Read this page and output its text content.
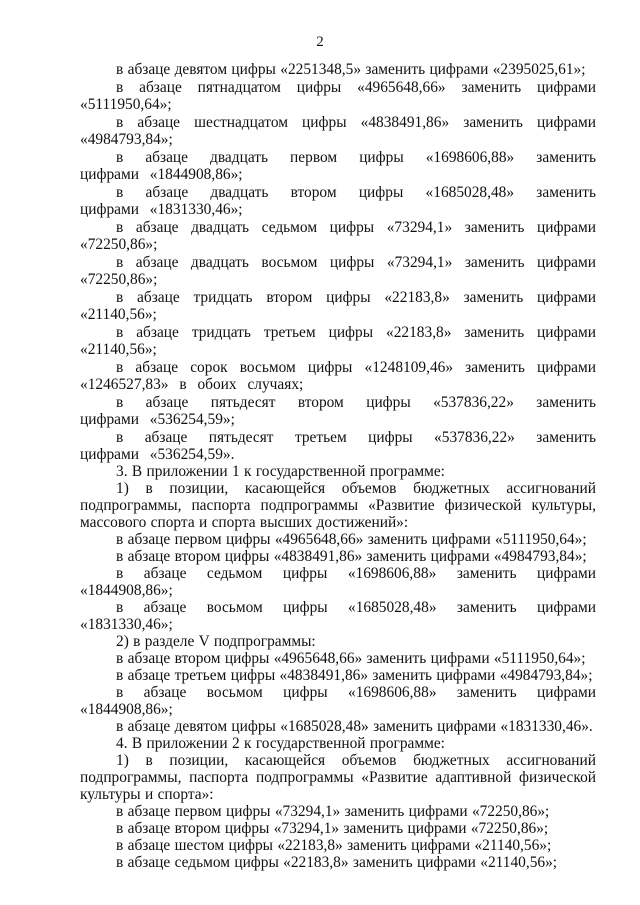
2

в абзаце девятом цифры «2251348,5» заменить цифрами «2395025,61»;

в абзаце пятнадцатом цифры «4965648,66» заменить цифрами «5111950,64»;

в абзаце шестнадцатом цифры «4838491,86» заменить цифрами «4984793,84»;

в абзаце двадцать первом цифры «1698606,88» заменить цифрами «1844908,86»;

в абзаце двадцать втором цифры «1685028,48» заменить цифрами «1831330,46»;

в абзаце двадцать седьмом цифры «73294,1» заменить цифрами «72250,86»;

в абзаце двадцать восьмом цифры «73294,1» заменить цифрами «72250,86»;

в абзаце тридцать втором цифры «22183,8» заменить цифрами «21140,56»;

в абзаце тридцать третьем цифры «22183,8» заменить цифрами «21140,56»;

в абзаце сорок восьмом цифры «1248109,46» заменить цифрами «1246527,83» в обоих случаях;

в абзаце пятьдесят втором цифры «537836,22» заменить цифрами «536254,59»;

в абзаце пятьдесят третьем цифры «537836,22» заменить цифрами «536254,59».

3. В приложении 1 к государственной программе:

1) в позиции, касающейся объемов бюджетных ассигнований подпрограммы, паспорта подпрограммы «Развитие физической культуры, массового спорта и спорта высших достижений»:

в абзаце первом цифры «4965648,66» заменить цифрами «5111950,64»;

в абзаце втором цифры «4838491,86» заменить цифрами «4984793,84»;

в абзаце седьмом цифры «1698606,88» заменить цифрами «1844908,86»;

в абзаце восьмом цифры «1685028,48» заменить цифрами «1831330,46»;

2) в разделе V подпрограммы:

в абзаце втором цифры «4965648,66» заменить цифрами «5111950,64»;

в абзаце третьем цифры «4838491,86» заменить цифрами «4984793,84»;

в абзаце восьмом цифры «1698606,88» заменить цифрами «1844908,86»;

в абзаце девятом цифры «1685028,48» заменить цифрами «1831330,46».

4. В приложении 2 к государственной программе:

1) в позиции, касающейся объемов бюджетных ассигнований подпрограммы, паспорта подпрограммы «Развитие адаптивной физической культуры и спорта»:

в абзаце первом цифры «73294,1» заменить цифрами «72250,86»;

в абзаце втором цифры «73294,1» заменить цифрами «72250,86»;

в абзаце шестом цифры «22183,8» заменить цифрами «21140,56»;

в абзаце седьмом цифры «22183,8» заменить цифрами «21140,56»;
